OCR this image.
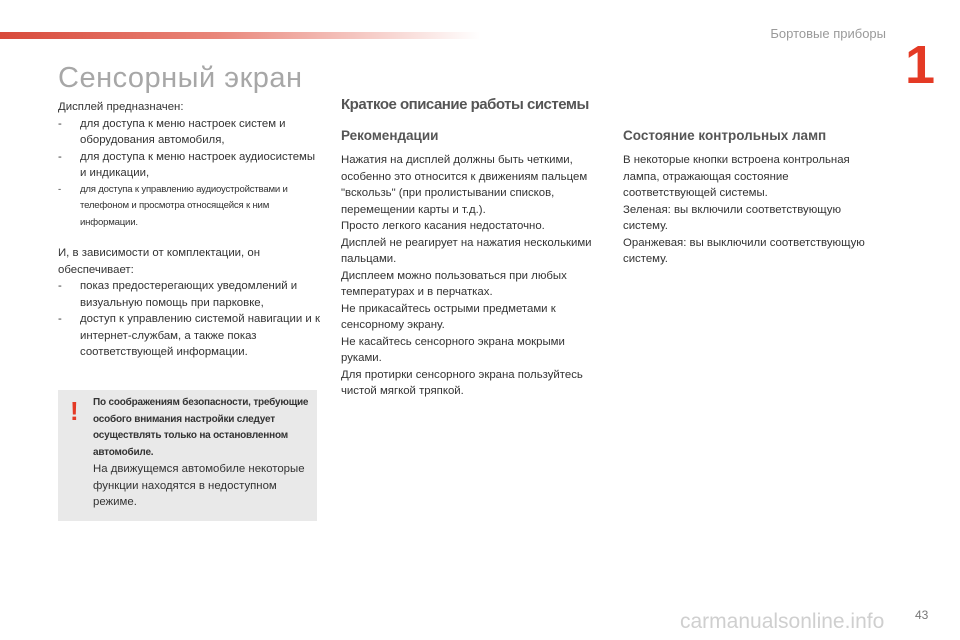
Бортовые приборы
1
Сенсорный экран

Дисплей предназначен:

- для доступа к меню настроек систем и оборудования автомобиля,
- для доступа к меню настроек аудиосистемы и индикации,
- для доступа к управлению аудиоустройствами и телефоном и просмотра относящейся к ним информации.

И, в зависимости от комплектации, он обеспечивает:

- показ предостерегающих уведомлений и визуальную помощь при парковке,
- доступ к управлению системой навигации и к интернет-службам, а также показ соответствующей информации.
! По соображениям безопасности, требующие особого внимания настройки следует осуществлять только на остановленном автомобиле.

На движущемся автомобиле некоторые функции находятся в недоступном режиме.

Краткое описание работы системы
Рекомендации

Нажатия на дисплей должны быть четкими, особенно это относится к движениям пальцем "вскользь" (при пролистывании списков, перемещении карты и т.д.).

Просто легкого касания недостаточно.

Дисплей не реагирует на нажатия несколькими пальцами.

Дисплеем можно пользоваться при любых температурах и в перчатках.

Не прикасайтесь острыми предметами к сенсорному экрану.

Не касайтесь сенсорного экрана мокрыми руками.

Для протирки сенсорного экрана пользуйтесь чистой мягкой тряпкой.

Состояние контрольных ламп

В некоторые кнопки встроена контрольная лампа, отражающая состояние соответствующей системы.

Зеленая: вы включили соответствующую систему.

Оранжевая: вы выключили соответствующую систему.

carmanualsonline.info	43
